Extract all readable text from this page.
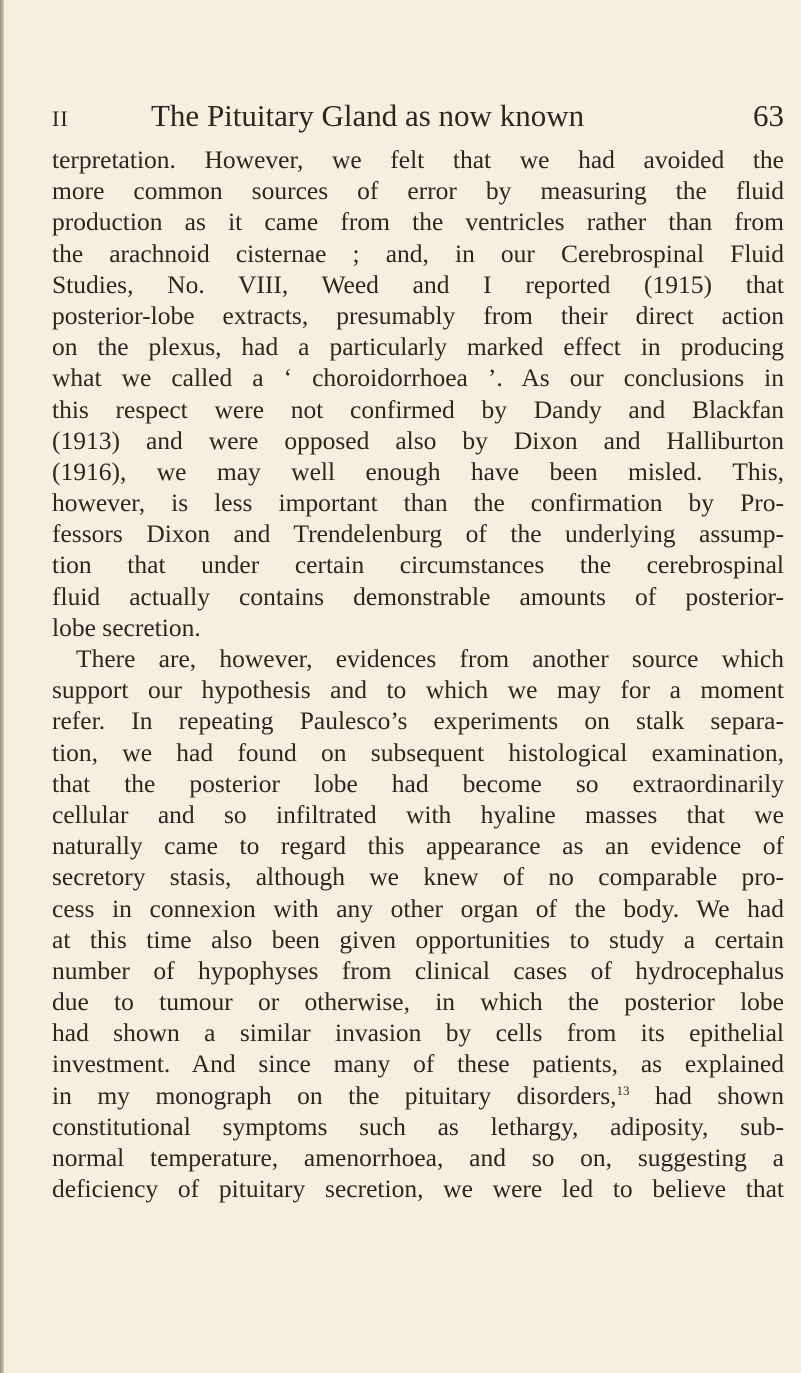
II	The Pituitary Gland as now known	63
terpretation. However, we felt that we had avoided the
more common sources of error by measuring the fluid
production as it came from the ventricles rather than from
the arachnoid cisternae ; and, in our Cerebrospinal Fluid
Studies, No. VIII, Weed and I reported (1915) that
posterior-lobe extracts, presumably from their direct action
on the plexus, had a particularly marked effect in producing
what we called a ‘ choroidorrhoea ’. As our conclusions in
this respect were not confirmed by Dandy and Blackfan
(1913) and were opposed also by Dixon and Halliburton
(1916), we may well enough have been misled. This,
however, is less important than the confirmation by Pro-
fessors Dixon and Trendelenburg of the underlying assump-
tion that under certain circumstances the cerebrospinal
fluid actually contains demonstrable amounts of posterior-
lobe secretion.
There are, however, evidences from another source which
support our hypothesis and to which we may for a moment
refer. In repeating Paulesco’s experiments on stalk separa-
tion, we had found on subsequent histological examination,
that the posterior lobe had become so extraordinarily
cellular and so infiltrated with hyaline masses that we
naturally came to regard this appearance as an evidence of
secretory stasis, although we knew of no comparable pro-
cess in connexion with any other organ of the body. We had
at this time also been given opportunities to study a certain
number of hypophyses from clinical cases of hydrocephalus
due to tumour or otherwise, in which the posterior lobe
had shown a similar invasion by cells from its epithelial
investment. And since many of these patients, as explained
in my monograph on the pituitary disorders,$^{13}$ had shown
constitutional symptoms such as lethargy, adiposity, sub-
normal temperature, amenorrhoea, and so on, suggesting a
deficiency of pituitary secretion, we were led to believe that
